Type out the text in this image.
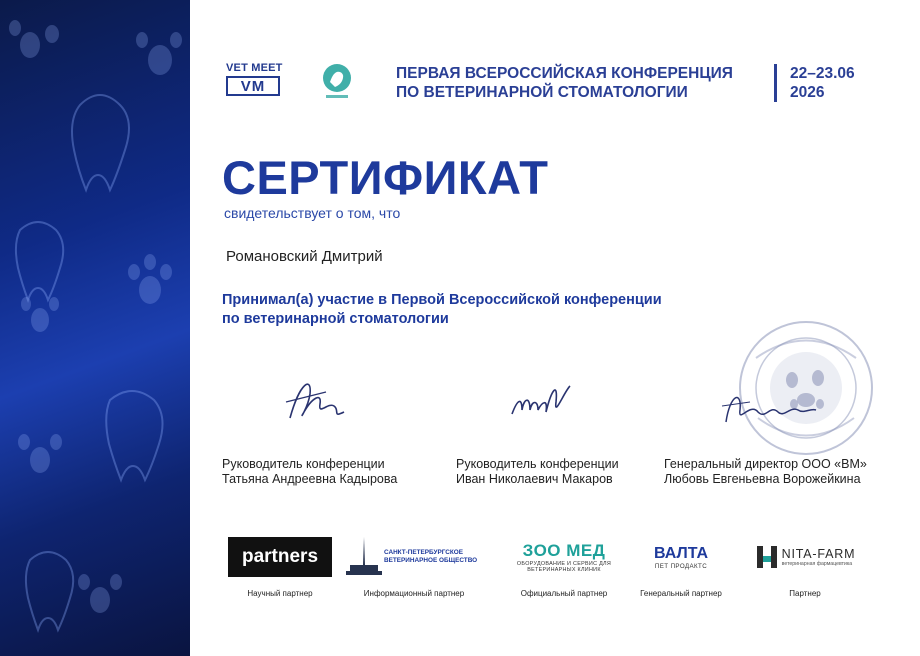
VET MEET
VM
ПЕРВАЯ ВСЕРОССИЙСКАЯ КОНФЕРЕНЦИЯ
ПО ВЕТЕРИНАРНОЙ СТОМАТОЛОГИИ
22–23.06
2026
СЕРТИФИКАТ
свидетельствует о том, что
Романовский Дмитрий
Принимал(а) участие в Первой Всероссийской конференции
по ветеринарной стоматологии
Руководитель конференции
Татьяна Андреевна Кадырова
Руководитель конференции
Иван Николаевич Макаров
Генеральный директор ООО «ВМ»
Любовь Евгеньевна Ворожейкина
partners
Научный партнер
САНКТ-ПЕТЕРБУРГСКОЕ ВЕТЕРИНАРНОЕ ОБЩЕСТВО
Информационный партнер
ЗОО МЕД
ОБОРУДОВАНИЕ И СЕРВИС ДЛЯ ВЕТЕРИНАРНЫХ КЛИНИК
Официальный партнер
ВАЛТА
ПЕТ ПРОДАКТС
Генеральный партнер
NITA-FARM
ветеринарная фармацевтика
Партнер
